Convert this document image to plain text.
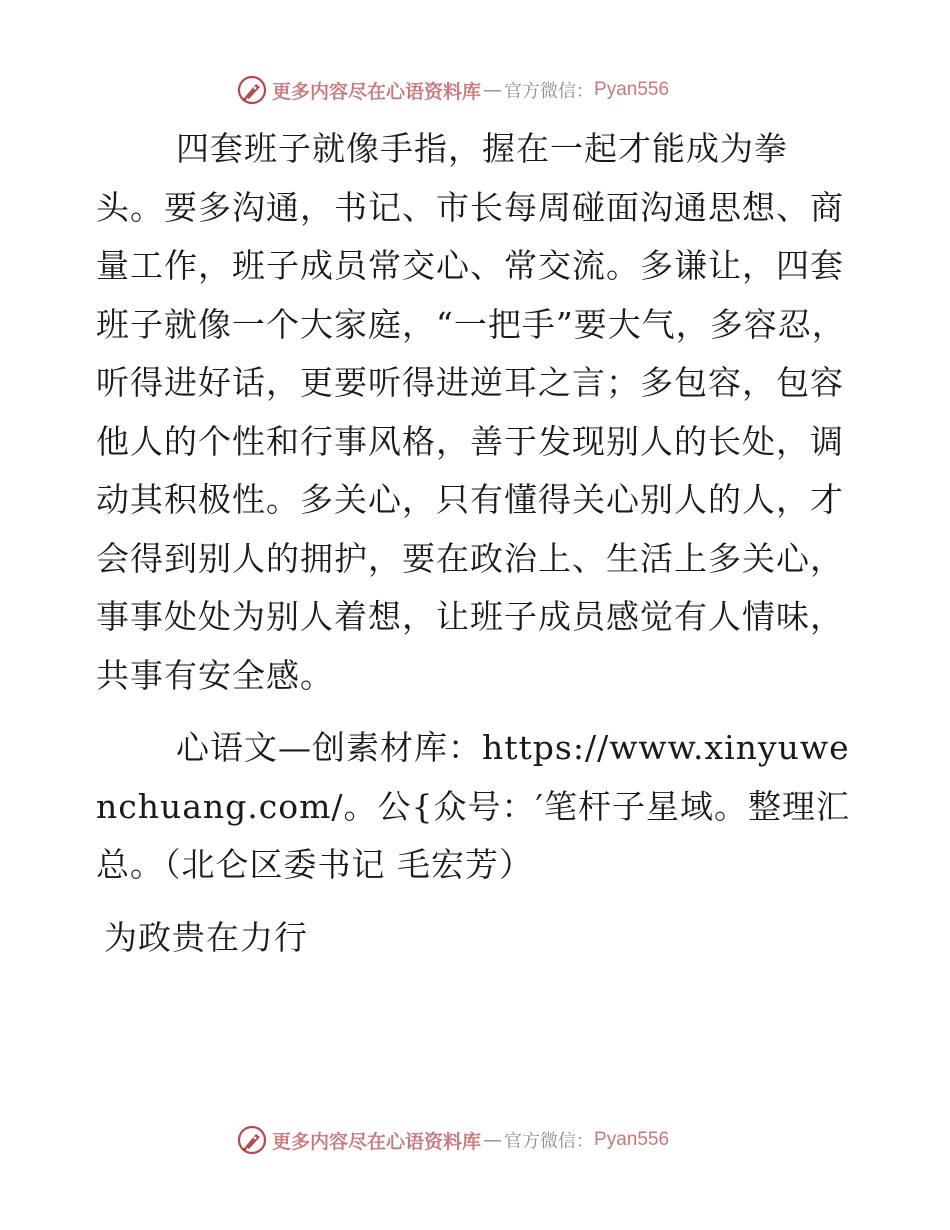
更多内容尽在心语资料库 — 官方微信： Pyan556

四套班子就像手指，握在一起才能成为拳头。要多沟通，书记、市长每周碰面沟通思想、商量工作，班子成员常交心、常交流。多谦让，四套班子就像一个大家庭，“一把手”要大气，多容忍，听得进好话，更要听得进逆耳之言；多包容，包容他人的个性和行事风格，善于发现别人的长处，调动其积极性。多关心，只有懂得关心别人的人，才会得到别人的拥护，要在政治上、生活上多关心，事事处处为别人着想，让班子成员感觉有人情味，共事有安全感。

心语文—创素材库：https://www.xinyuwenchuang.com/。公{众号：′笔杆子星域。整理汇总。（北仑区委书记 毛宏芳）

为政贵在力行

更多内容尽在心语资料库 — 官方微信： Pyan556
